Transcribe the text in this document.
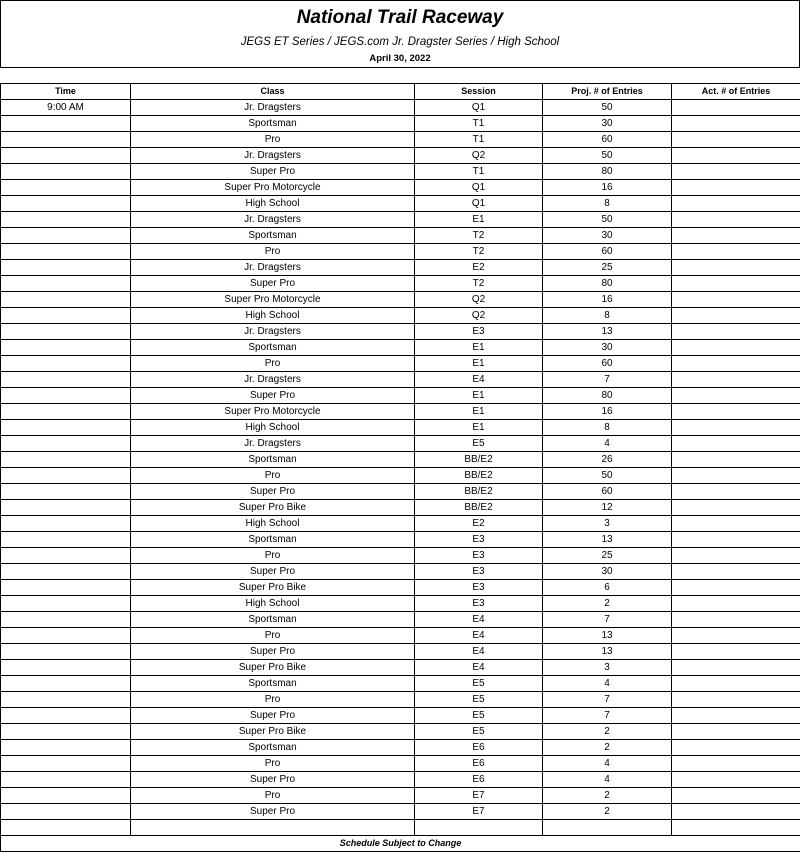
National Trail Raceway
JEGS ET Series / JEGS.com Jr. Dragster Series / High School
April 30, 2022
Time	Class	Session	Proj. # of Entries	Act. # of Entries
9:00 AM	Jr. Dragsters	Q1	50	
	Sportsman	T1	30	
	Pro	T1	60	
	Jr. Dragsters	Q2	50	
	Super Pro	T1	80	
	Super Pro Motorcycle	Q1	16	
	High School	Q1	8	
	Jr. Dragsters	E1	50	
	Sportsman	T2	30	
	Pro	T2	60	
	Jr. Dragsters	E2	25	
	Super Pro	T2	80	
	Super Pro Motorcycle	Q2	16	
	High School	Q2	8	
	Jr. Dragsters	E3	13	
	Sportsman	E1	30	
	Pro	E1	60	
	Jr. Dragsters	E4	7	
	Super Pro	E1	80	
	Super Pro Motorcycle	E1	16	
	High School	E1	8	
	Jr. Dragsters	E5	4	
	Sportsman	BB/E2	26	
	Pro	BB/E2	50	
	Super Pro	BB/E2	60	
	Super Pro Bike	BB/E2	12	
	High School	E2	3	
	Sportsman	E3	13	
	Pro	E3	25	
	Super Pro	E3	30	
	Super Pro Bike	E3	6	
	High School	E3	2	
	Sportsman	E4	7	
	Pro	E4	13	
	Super Pro	E4	13	
	Super Pro Bike	E4	3	
	Sportsman	E5	4	
	Pro	E5	7	
	Super Pro	E5	7	
	Super Pro Bike	E5	2	
	Sportsman	E6	2	
	Pro	E6	4	
	Super Pro	E6	4	
	Pro	E7	2	
	Super Pro	E7	2	

Schedule Subject to Change				
